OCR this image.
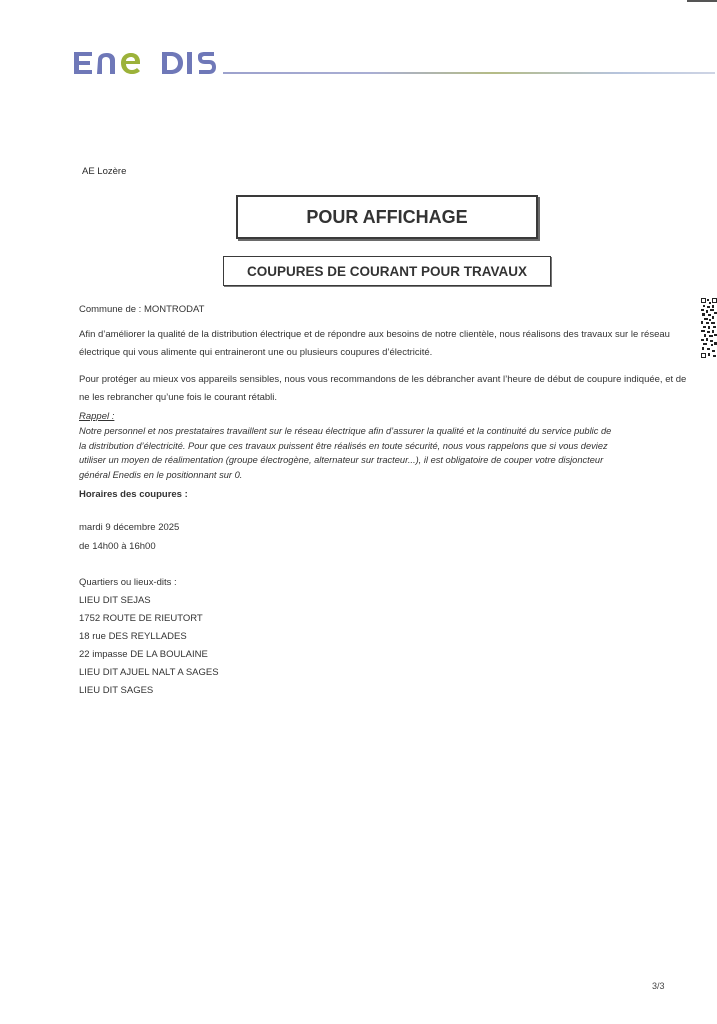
AE Lozère
POUR AFFICHAGE
COUPURES DE COURANT POUR TRAVAUX
Commune de : MONTRODAT
Afin d’améliorer la qualité de la distribution électrique et de répondre aux besoins de notre clientèle, nous réalisons des travaux sur le réseau électrique qui vous alimente qui entraineront une ou plusieurs coupures d’électricité.
Pour protéger au mieux vos appareils sensibles, nous vous recommandons de les débrancher avant l’heure de début de coupure indiquée, et de ne les rebrancher qu’une fois le courant rétabli.
Rappel :
Notre personnel et nos prestataires travaillent sur le réseau électrique afin d’assurer la qualité et la continuité du service public de la distribution d’électricité. Pour que ces travaux puissent être réalisés en toute sécurité, nous vous rappelons que si vous deviez utiliser un moyen de réalimentation (groupe électrogène, alternateur sur tracteur...), il est obligatoire de couper votre disjoncteur général Enedis en le positionnant sur 0.
Horaires des coupures :
mardi 9 décembre 2025
de 14h00 à 16h00
Quartiers ou lieux-dits :
LIEU DIT SEJAS
1752 ROUTE DE RIEUTORT
18 rue DES REYLLADES
22 impasse DE LA BOULAINE
LIEU DIT AJUEL NALT A SAGES
LIEU DIT SAGES
3/3
